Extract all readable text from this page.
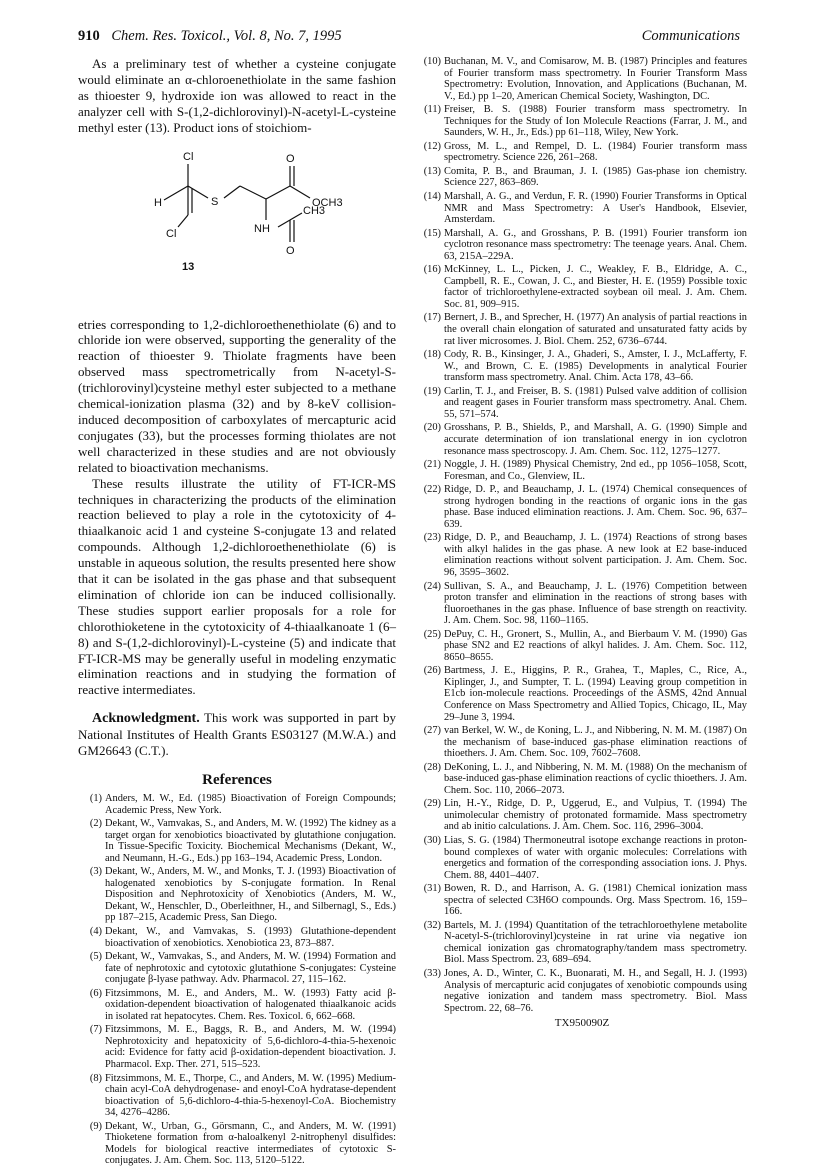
910 Chem. Res. Toxicol., Vol. 8, No. 7, 1995	Communications

As a preliminary test of whether a cysteine conjugate would eliminate an α-chloroenethiolate in the same fashion as thioester 9, hydroxide ion was allowed to react in the analyzer cell with S-(1,2-dichlorovinyl)-N-acetyl-L-cysteine methyl ester (13). Product ions of stoichiom-

Cl
H	S
O
OCH3
Cl	NH
CH3
O
13

etries corresponding to 1,2-dichloroethenethiolate (6) and to chloride ion were observed, supporting the generality of the reaction of thioester 9. Thiolate fragments have been observed mass spectrometrically from N-acetyl-S-(trichlorovinyl)cysteine methyl ester subjected to a methane chemical-ionization plasma (32) and by 8-keV collision-induced decomposition of carboxylates of mercapturic acid conjugates (33), but the processes forming thiolates are not well characterized in these studies and are not obviously related to bioactivation mechanisms.

These results illustrate the utility of FT-ICR-MS techniques in characterizing the products of the elimination reaction believed to play a role in the cytotoxicity of 4-thiaalkanoic acid 1 and cysteine S-conjugate 13 and related compounds. Although 1,2-dichloroethenethiolate (6) is unstable in aqueous solution, the results presented here show that it can be isolated in the gas phase and that subsequent elimination of chloride ion can be induced collisionally. These studies support earlier proposals for a role for chlorothioketene in the cytotoxicity of 4-thiaalkanoate 1 (6–8) and S-(1,2-dichlorovinyl)-L-cysteine (5) and indicate that FT-ICR-MS may be generally useful in modeling enzymatic elimination reactions and in studying the formation of reactive intermediates.

Acknowledgment. This work was supported in part by National Institutes of Health Grants ES03127 (M.W.A.) and GM26643 (C.T.).

References
(1) Anders, M. W., Ed. (1985) Bioactivation of Foreign Compounds; Academic Press, New York.
(2) Dekant, W., Vamvakas, S., and Anders, M. W. (1992) The kidney as a target organ for xenobiotics bioactivated by glutathione conjugation. In Tissue-Specific Toxicity. Biochemical Mechanisms (Dekant, W., and Neumann, H.-G., Eds.) pp 163–194, Academic Press, London.
(3) Dekant, W., Anders, M. W., and Monks, T. J. (1993) Bioactivation of halogenated xenobiotics by S-conjugate formation. In Renal Disposition and Nephrotoxicity of Xenobiotics (Anders, M. W., Dekant, W., Henschler, D., Oberleithner, H., and Silbernagl, S., Eds.) pp 187–215, Academic Press, San Diego.
(4) Dekant, W., and Vamvakas, S. (1993) Glutathione-dependent bioactivation of xenobiotics. Xenobiotica 23, 873–887.
(5) Dekant, W., Vamvakas, S., and Anders, M. W. (1994) Formation and fate of nephrotoxic and cytotoxic glutathione S-conjugates: Cysteine conjugate β-lyase pathway. Adv. Pharmacol. 27, 115–162.
(6) Fitzsimmons, M. E., and Anders, M.. W. (1993) Fatty acid β-oxidation-dependent bioactivation of halogenated thiaalkanoic acids in isolated rat hepatocytes. Chem. Res. Toxicol. 6, 662–668.
(7) Fitzsimmons, M. E., Baggs, R. B., and Anders, M. W. (1994) Nephrotoxicity and hepatoxicity of 5,6-dichloro-4-thia-5-hexenoic acid: Evidence for fatty acid β-oxidation-dependent bioactivation. J. Pharmacol. Exp. Ther. 271, 515–523.
(8) Fitzsimmons, M. E., Thorpe, C., and Anders, M. W. (1995) Medium-chain acyl-CoA dehydrogenase- and enoyl-CoA hydratase-dependent bioactivation of 5,6-dichloro-4-thia-5-hexenoyl-CoA. Biochemistry 34, 4276–4286.
(9) Dekant, W., Urban, G., Görsmann, C., and Anders, M. W. (1991) Thioketene formation from α-haloalkenyl 2-nitrophenyl disulfides: Models for biological reactive intermediates of cytotoxic S-conjugates. J. Am. Chem. Soc. 113, 5120–5122.
(10) Buchanan, M. V., and Comisarow, M. B. (1987) Principles and features of Fourier transform mass spectrometry. In Fourier Transform Mass Spectrometry: Evolution, Innovation, and Applications (Buchanan, M. V., Ed.) pp 1–20, American Chemical Society, Washington, DC.
(11) Freiser, B. S. (1988) Fourier transform mass spectrometry. In Techniques for the Study of Ion Molecule Reactions (Farrar, J. M., and Saunders, W. H., Jr., Eds.) pp 61–118, Wiley, New York.
(12) Gross, M. L., and Rempel, D. L. (1984) Fourier transform mass spectrometry. Science 226, 261–268.
(13) Comita, P. B., and Brauman, J. I. (1985) Gas-phase ion chemistry. Science 227, 863–869.
(14) Marshall, A. G., and Verdun, F. R. (1990) Fourier Transforms in Optical NMR and Mass Spectrometry: A User's Handbook, Elsevier, Amsterdam.
(15) Marshall, A. G., and Grosshans, P. B. (1991) Fourier transform ion cyclotron resonance mass spectrometry: The teenage years. Anal. Chem. 63, 215A–229A.
(16) McKinney, L. L., Picken, J. C., Weakley, F. B., Eldridge, A. C., Campbell, R. E., Cowan, J. C., and Biester, H. E. (1959) Possible toxic factor of trichloroethylene-extracted soybean oil meal. J. Am. Chem. Soc. 81, 909–915.
(17) Bernert, J. B., and Sprecher, H. (1977) An analysis of partial reactions in the overall chain elongation of saturated and unsaturated fatty acids by rat liver microsomes. J. Biol. Chem. 252, 6736–6744.
(18) Cody, R. B., Kinsinger, J. A., Ghaderi, S., Amster, I. J., McLafferty, F. W., and Brown, C. E. (1985) Developments in analytical Fourier transform mass spectrometry. Anal. Chim. Acta 178, 43–66.
(19) Carlin, T. J., and Freiser, B. S. (1981) Pulsed valve addition of collision and reagent gases in Fourier transform mass spectrometry. Anal. Chem. 55, 571–574.
(20) Grosshans, P. B., Shields, P., and Marshall, A. G. (1990) Simple and accurate determination of ion translational energy in ion cyclotron resonance mass spectroscopy. J. Am. Chem. Soc. 112, 1275–1277.
(21) Noggle, J. H. (1989) Physical Chemistry, 2nd ed., pp 1056–1058, Scott, Foresman, and Co., Glenview, IL.
(22) Ridge, D. P., and Beauchamp, J. L. (1974) Chemical consequences of strong hydrogen bonding in the reactions of organic ions in the gas phase. Base induced elimination reactions. J. Am. Chem. Soc. 96, 637–639.
(23) Ridge, D. P., and Beauchamp, J. L. (1974) Reactions of strong bases with alkyl halides in the gas phase. A new look at E2 base-induced elimination reactions without solvent participation. J. Am. Chem. Soc. 96, 3595–3602.
(24) Sullivan, S. A., and Beauchamp, J. L. (1976) Competition between proton transfer and elimination in the reactions of strong bases with fluoroethanes in the gas phase. Influence of base strength on reactivity. J. Am. Chem. Soc. 98, 1160–1165.
(25) DePuy, C. H., Gronert, S., Mullin, A., and Bierbaum V. M. (1990) Gas phase SN2 and E2 reactions of alkyl halides. J. Am. Chem. Soc. 112, 8650–8655.
(26) Bartmess, J. E., Higgins, P. R., Grahea, T., Maples, C., Rice, A., Kiplinger, J., and Sumpter, T. L. (1994) Leaving group competition in E1cb ion-molecule reactions. Proceedings of the ASMS, 42nd Annual Conference on Mass Spectrometry and Allied Topics, Chicago, IL, May 29–June 3, 1994.
(27) van Berkel, W. W., de Koning, L. J., and Nibbering, N. M. M. (1987) On the mechanism of base-induced gas-phase elimination reactions of thioethers. J. Am. Chem. Soc. 109, 7602–7608.
(28) DeKoning, L. J., and Nibbering, N. M. M. (1988) On the mechanism of base-induced gas-phase elimination reactions of cyclic thioethers. J. Am. Chem. Soc. 110, 2066–2073.
(29) Lin, H.-Y., Ridge, D. P., Uggerud, E., and Vulpius, T. (1994) The unimolecular chemistry of protonated formamide. Mass spectrometry and ab initio calculations. J. Am. Chem. Soc. 116, 2996–3004.
(30) Lias, S. G. (1984) Thermoneutral isotope exchange reactions in proton-bound complexes of water with organic molecules: Correlations with energetics and formation of the corresponding association ions. J. Phys. Chem. 88, 4401–4407.
(31) Bowen, R. D., and Harrison, A. G. (1981) Chemical ionization mass spectra of selected C3H6O compounds. Org. Mass Spectrom. 16, 159–166.
(32) Bartels, M. J. (1994) Quantitation of the tetrachloroethylene metabolite N-acetyl-S-(trichlorovinyl)cysteine in rat urine via negative ion chemical ionization gas chromatography/tandem mass spectrometry. Biol. Mass Spectrom. 23, 689–694.
(33) Jones, A. D., Winter, C. K., Buonarati, M. H., and Segall, H. J. (1993) Analysis of mercapturic acid conjugates of xenobiotic compounds using negative ionization and tandem mass spectrometry. Biol. Mass Spectrom. 22, 68–76.
TX950090Z
